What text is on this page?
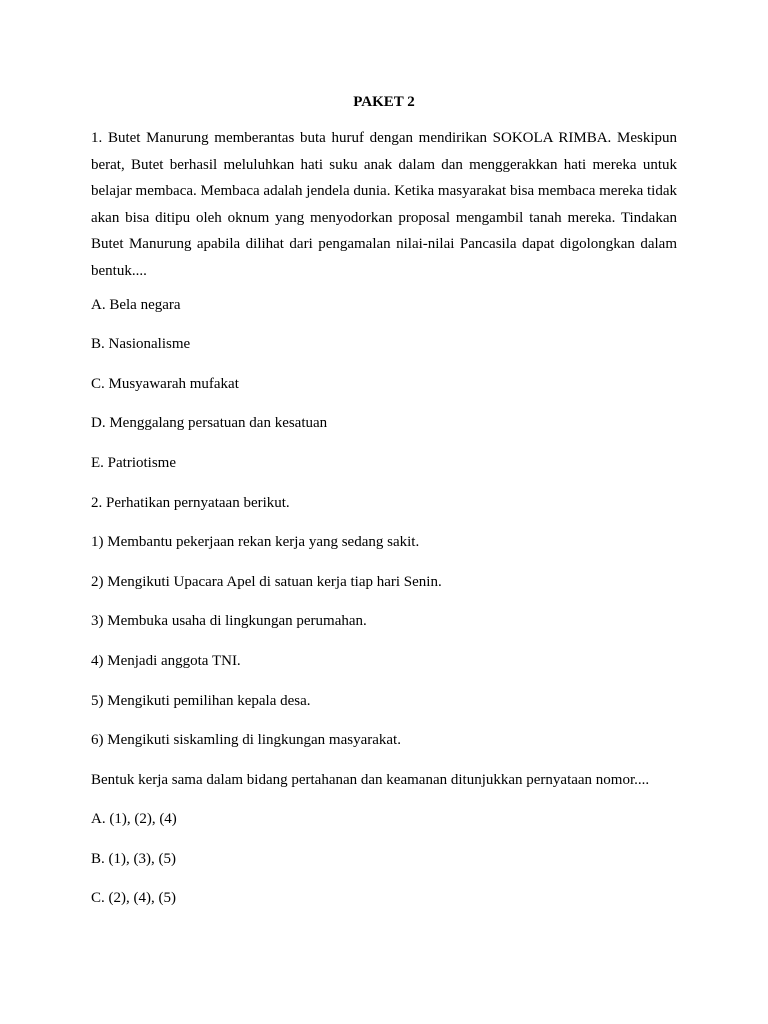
PAKET 2
1. Butet Manurung memberantas buta huruf dengan mendirikan SOKOLA RIMBA. Meskipun berat, Butet berhasil meluluhkan hati suku anak dalam dan menggerakkan hati mereka untuk belajar membaca. Membaca adalah jendela dunia. Ketika masyarakat bisa membaca mereka tidak akan bisa ditipu oleh oknum yang menyodorkan proposal mengambil tanah mereka. Tindakan Butet Manurung apabila dilihat dari pengamalan nilai-nilai Pancasila dapat digolongkan dalam bentuk....
A. Bela negara
B. Nasionalisme
C. Musyawarah mufakat
D. Menggalang persatuan dan kesatuan
E. Patriotisme
2. Perhatikan pernyataan berikut.
1) Membantu pekerjaan rekan kerja yang sedang sakit.
2) Mengikuti Upacara Apel di satuan kerja tiap hari Senin.
3) Membuka usaha di lingkungan perumahan.
4) Menjadi anggota TNI.
5) Mengikuti pemilihan kepala desa.
6) Mengikuti siskamling di lingkungan masyarakat.
Bentuk kerja sama dalam bidang pertahanan dan keamanan ditunjukkan pernyataan nomor....
A. (1), (2), (4)
B. (1), (3), (5)
C. (2), (4), (5)
